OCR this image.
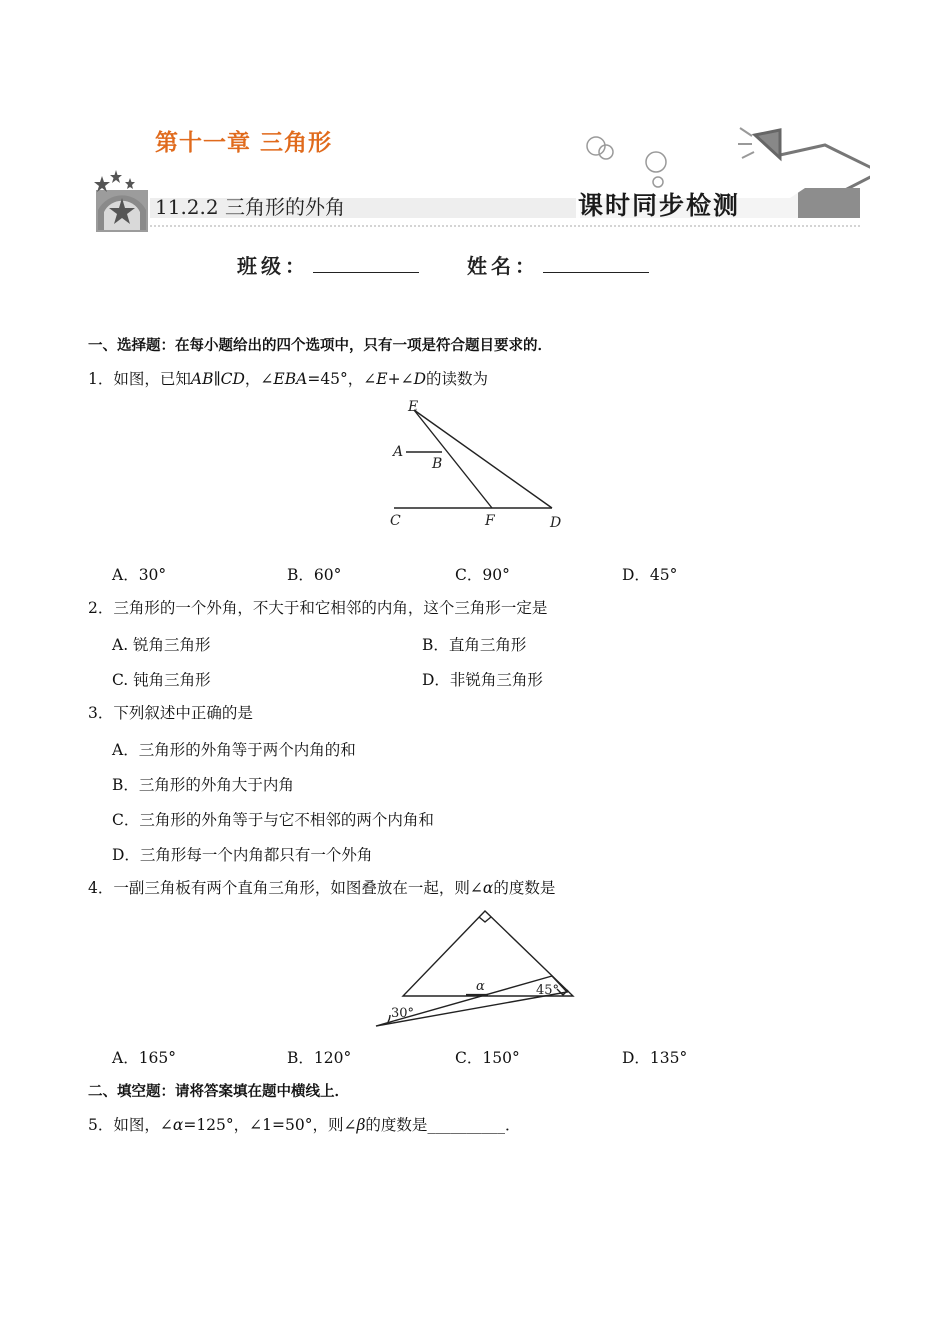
第十一章 三角形
11.2.2 三角形的外角	课时同步检测
班级：	姓名：
一、选择题：在每小题给出的四个选项中，只有一项是符合题目要求的．
1．如图，已知AB∥CD，∠EBA=45°，∠E+∠D的读数为
E
A
B
C	F	D
A．30°	B．60°	C．90°	D．45°
2．三角形的一个外角，不大于和它相邻的内角，这个三角形一定是
A. 锐角三角形	B．直角三角形
C. 钝角三角形	D．非锐角三角形
3．下列叙述中正确的是
A．三角形的外角等于两个内角的和
B．三角形的外角大于内角
C．三角形的外角等于与它不相邻的两个内角和
D．三角形每一个内角都只有一个外角
4．一副三角板有两个直角三角形，如图叠放在一起，则∠α的度数是
α	45°
30°
A．165°	B．120°	C．150°	D．135°
二、填空题：请将答案填在题中横线上．
5．如图，∠α=125°，∠1=50°，则∠β的度数是__________．
